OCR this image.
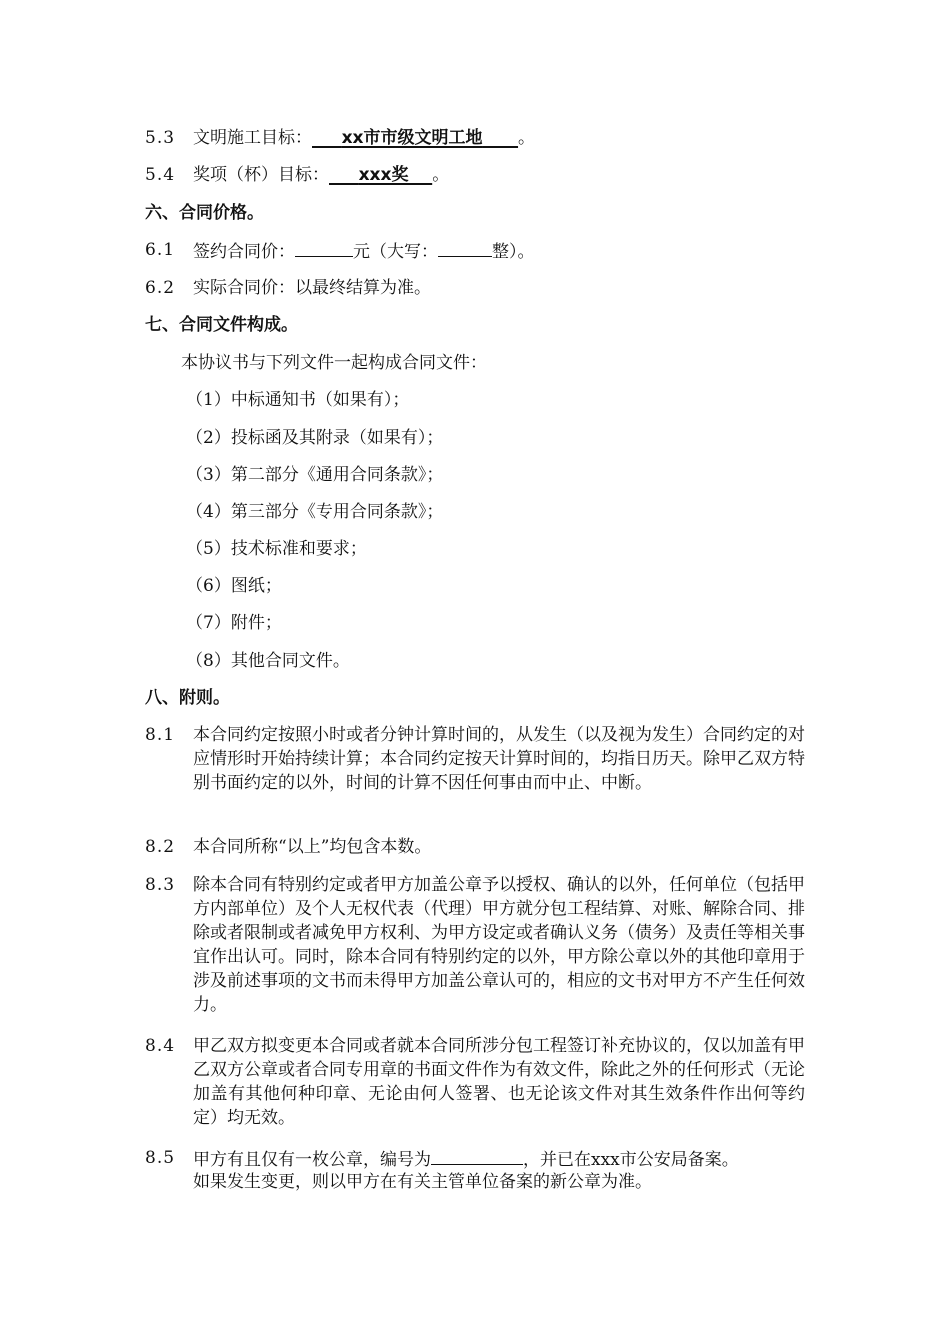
5.3 文明施工目标： xx市市级文明工地 。
5.4 奖项（杯）目标： xxx奖 。
六、合同价格。
6.1 签约合同价：	元（大写：	整）。
6.2 实际合同价：以最终结算为准。
七、合同文件构成。
本协议书与下列文件一起构成合同文件：
（1）中标通知书（如果有）；
（2）投标函及其附录（如果有）；
（3）第二部分《通用合同条款》；
（4）第三部分《专用合同条款》；
（5）技术标准和要求；
（6）图纸；
（7）附件；
（8）其他合同文件。
八、附则。
8.1 本合同约定按照小时或者分钟计算时间的，从发生（以及视为发生）合同约定的对应情形时开始持续计算；本合同约定按天计算时间的，均指日历天。除甲乙双方特别书面约定的以外，时间的计算不因任何事由而中止、中断。
8.2 本合同所称“以上”均包含本数。
8.3 除本合同有特别约定或者甲方加盖公章予以授权、确认的以外，任何单位（包括甲方内部单位）及个人无权代表（代理）甲方就分包工程结算、对账、解除合同、排除或者限制或者减免甲方权利、为甲方设定或者确认义务（债务）及责任等相关事宜作出认可。同时，除本合同有特别约定的以外，甲方除公章以外的其他印章用于涉及前述事项的文书而未得甲方加盖公章认可的，相应的文书对甲方不产生任何效力。
8.4 甲乙双方拟变更本合同或者就本合同所涉分包工程签订补充协议的，仅以加盖有甲乙双方公章或者合同专用章的书面文件作为有效文件，除此之外的任何形式（无论加盖有其他何种印章、无论由何人签署、也无论该文件对其生效条件作出何等约定）均无效。
8.5 甲方有且仅有一枚公章，编号为	，并已在xxx市公安局备案。
如果发生变更，则以甲方在有关主管单位备案的新公章为准。
